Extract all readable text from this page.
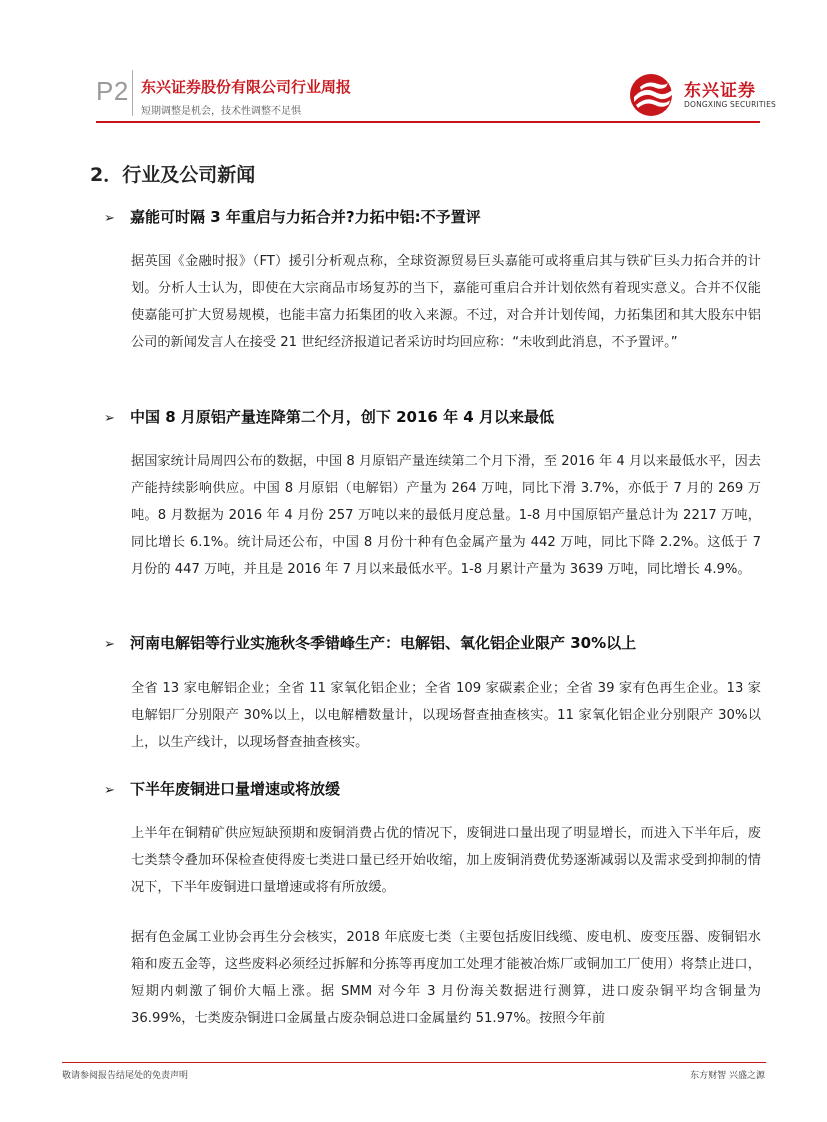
P2 东兴证券股份有限公司行业周报
短期调整是机会，技术性调整不足惧
东兴证券
DONGXING SECURITIES
2．行业及公司新闻
➢ 嘉能可时隔 3 年重启与力拓合并?力拓中铝:不予置评

据英国《金融时报》（FT）援引分析观点称，全球资源贸易巨头嘉能可或将重启其与铁矿巨头力拓合并的计划。分析人士认为，即使在大宗商品市场复苏的当下，嘉能可重启合并计划依然有着现实意义。合并不仅能使嘉能可扩大贸易规模，也能丰富力拓集团的收入来源。不过，对合并计划传闻，力拓集团和其大股东中铝公司的新闻发言人在接受 21 世纪经济报道记者采访时均回应称：“未收到此消息，不予置评。”

➢ 中国 8 月原铝产量连降第二个月，创下 2016 年 4 月以来最低

据国家统计局周四公布的数据，中国 8 月原铝产量连续第二个月下滑，至 2016 年 4 月以来最低水平，因去产能持续影响供应。中国 8 月原铝（电解铝）产量为 264 万吨，同比下滑 3.7%，亦低于 7 月的 269 万吨。8 月数据为 2016 年 4 月份 257 万吨以来的最低月度总量。1-8 月中国原铝产量总计为 2217 万吨，同比增长 6.1%。统计局还公布，中国 8 月份十种有色金属产量为 442 万吨，同比下降 2.2%。这低于 7 月份的 447 万吨，并且是 2016 年 7 月以来最低水平。1-8 月累计产量为 3639 万吨，同比增长 4.9%。

➢ 河南电解铝等行业实施秋冬季错峰生产：电解铝、氧化铝企业限产 30%以上

全省 13 家电解铝企业；全省 11 家氧化铝企业；全省 109 家碳素企业；全省 39 家有色再生企业。13 家电解铝厂分别限产 30%以上，以电解槽数量计，以现场督查抽查核实。11 家氧化铝企业分别限产 30%以上，以生产线计，以现场督查抽查核实。

➢ 下半年废铜进口量增速或将放缓

上半年在铜精矿供应短缺预期和废铜消费占优的情况下，废铜进口量出现了明显增长，而进入下半年后，废七类禁令叠加环保检查使得废七类进口量已经开始收缩，加上废铜消费优势逐渐减弱以及需求受到抑制的情况下，下半年废铜进口量增速或将有所放缓。

据有色金属工业协会再生分会核实，2018 年底废七类（主要包括废旧线缆、废电机、废变压器、废铜铝水箱和废五金等，这些废料必须经过拆解和分拣等再度加工处理才能被冶炼厂或铜加工厂使用）将禁止进口，短期内刺激了铜价大幅上涨。据 SMM 对今年 3 月份海关数据进行测算，进口废杂铜平均含铜量为 36.99%，七类废杂铜进口金属量占废杂铜总进口金属量约 51.97%。按照今年前

敬请参阅报告结尾处的免责声明	东方财智 兴盛之源
